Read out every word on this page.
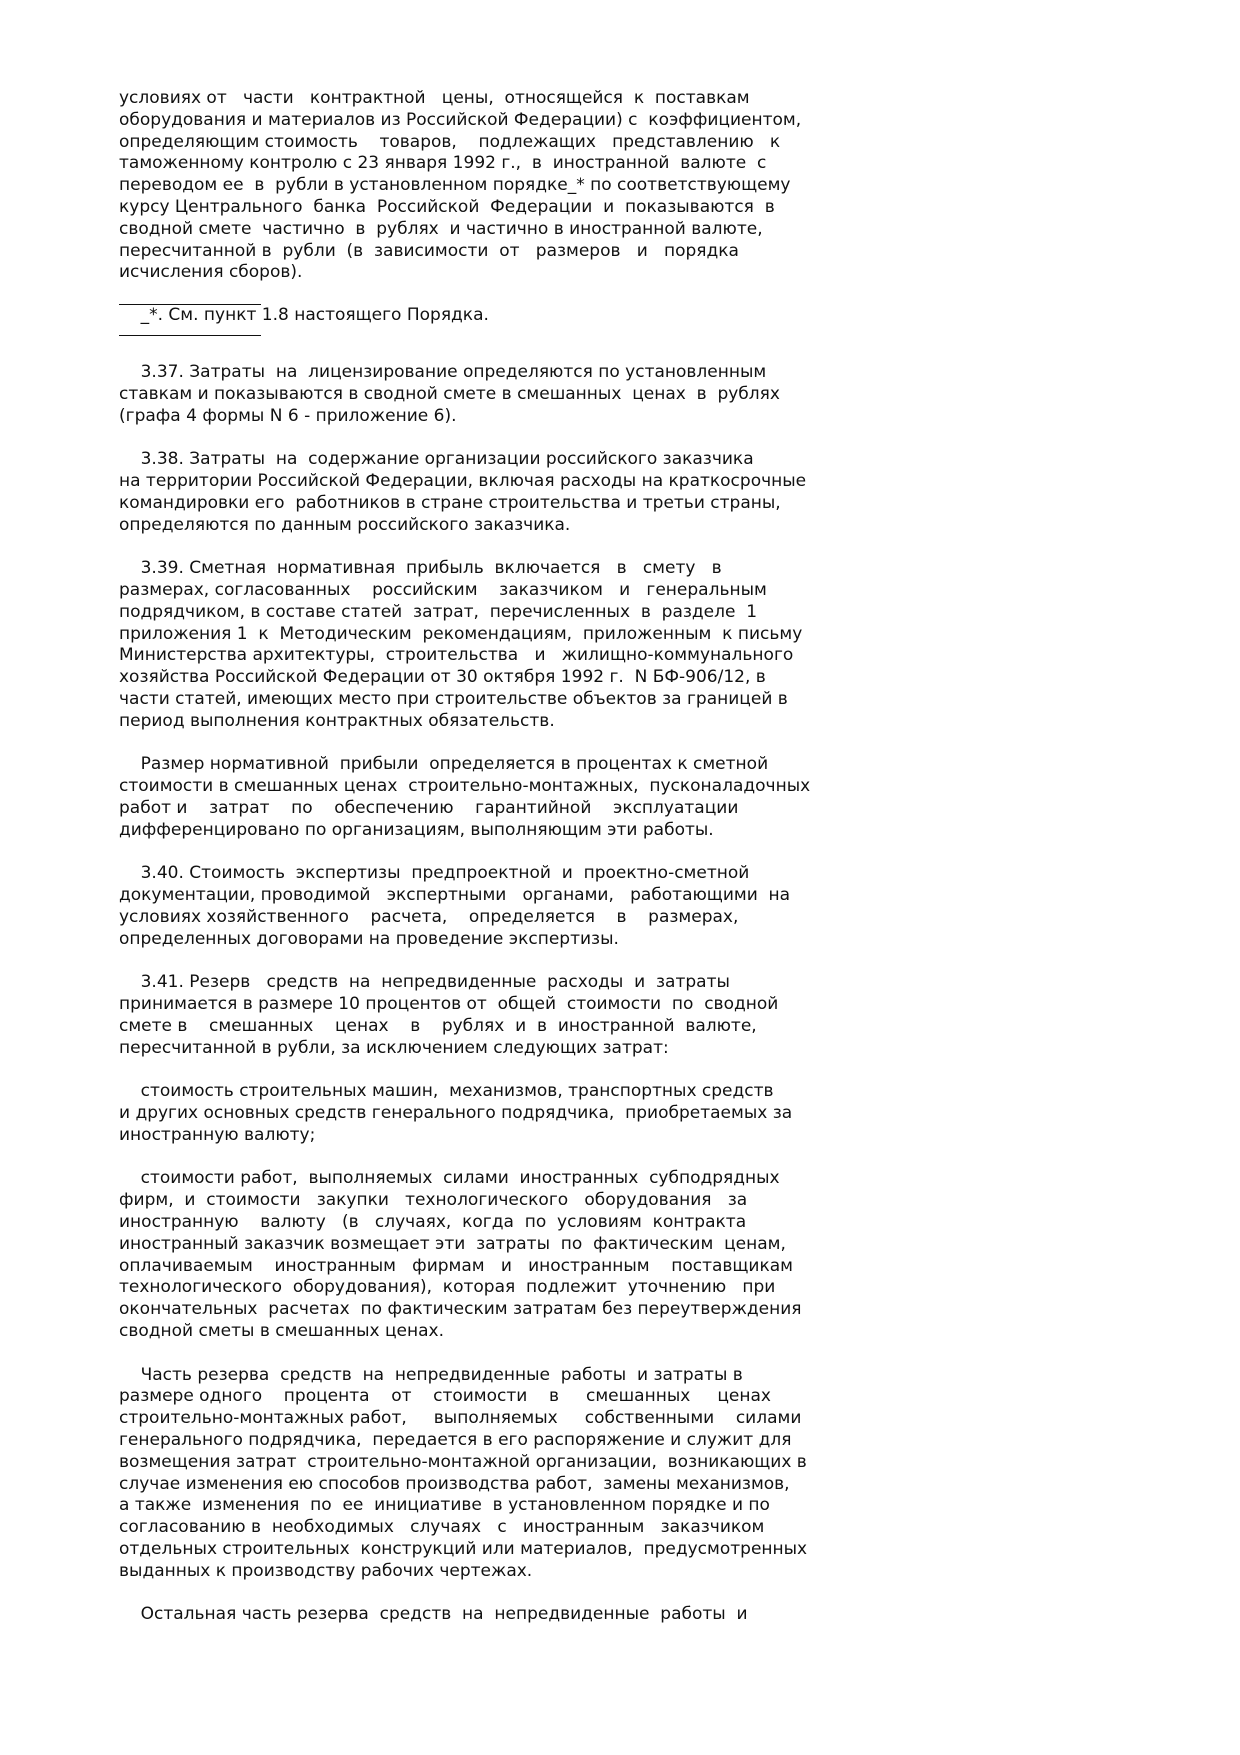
условиях от   части   контрактной   цены,  относящейся  к  поставкам
оборудования и материалов из Российской Федерации) с  коэффициентом,
определяющим стоимость    товаров,    подлежащих   представлению   к
таможенному контролю с 23 января 1992 г.,  в  иностранной  валюте  с
переводом ее  в  рубли в установленном порядке_* по соответствующему
курсу Центрального  банка  Российской  Федерации  и  показываются  в
сводной смете  частично  в  рублях  и частично в иностранной валюте,
пересчитанной в  рубли  (в  зависимости  от   размеров   и   порядка
исчисления сборов).
_*. См. пункт 1.8 настоящего Порядка.
3.37. Затраты  на  лицензирование определяются по установленным
ставкам и показываются в сводной смете в смешанных  ценах  в  рублях
(графа 4 формы N 6 - приложение 6).
3.38. Затраты  на  содержание организации российского заказчика
на территории Российской Федерации, включая расходы на краткосрочные
командировки его  работников в стране строительства и третьи страны,
определяются по данным российского заказчика.
3.39. Сметная  нормативная  прибыль  включается   в   смету   в
размерах, согласованных    российским    заказчиком   и   генеральным
подрядчиком, в составе статей  затрат,  перечисленных  в  разделе  1
приложения 1  к  Методическим  рекомендациям,  приложенным  к письму
Министерства архитектуры,  строительства   и   жилищно-коммунального
хозяйства Российской Федерации от 30 октября 1992 г.  N БФ-906/12, в
части статей, имеющих место при строительстве объектов за границей в
период выполнения контрактных обязательств.
Размер нормативной  прибыли  определяется в процентах к сметной
стоимости в смешанных ценах  строительно-монтажных,  пусконаладочных
работ и    затрат    по    обеспечению    гарантийной    эксплуатации
дифференцировано по организациям, выполняющим эти работы.
3.40. Стоимость  экспертизы  предпроектной  и  проектно-сметной
документации, проводимой   экспертными   органами,   работающими  на
условиях хозяйственного    расчета,    определяется    в    размерах,
определенных договорами на проведение экспертизы.
3.41. Резерв   средств  на  непредвиденные  расходы  и  затраты
принимается в размере 10 процентов от  общей  стоимости  по  сводной
смете в    смешанных    ценах    в    рублях  и  в  иностранной  валюте,
пересчитанной в рубли, за исключением следующих затрат:
стоимость строительных машин,  механизмов, транспортных средств
и других основных средств генерального подрядчика,  приобретаемых за
иностранную валюту;
стоимости работ,  выполняемых  силами  иностранных  субподрядных
фирм,  и  стоимости   закупки   технологического   оборудования   за
иностранную    валюту   (в   случаях,  когда  по  условиям  контракта
иностранный заказчик возмещает эти  затраты  по  фактическим  ценам,
оплачиваемым    иностранным   фирмам   и   иностранным    поставщикам
технологического  оборудования),  которая  подлежит  уточнению   при
окончательных  расчетах  по фактическим затратам без переутверждения
сводной сметы в смешанных ценах.
Часть резерва  средств  на  непредвиденные  работы  и затраты в
размере одного    процента    от    стоимости    в     смешанных     ценах
строительно-монтажных работ,     выполняемых     собственными    силами
генерального подрядчика,  передается в его распоряжение и служит для
возмещения затрат  строительно-монтажной организации,  возникающих в
случае изменения ею способов производства работ,  замены механизмов,
а также  изменения  по  ее  инициативе  в установленном порядке и по
согласованию в  необходимых   случаях   с   иностранным   заказчиком
отдельных строительных  конструкций или материалов,  предусмотренных
выданных к производству рабочих чертежах.
Остальная часть резерва  средств  на  непредвиденные  работы  и
